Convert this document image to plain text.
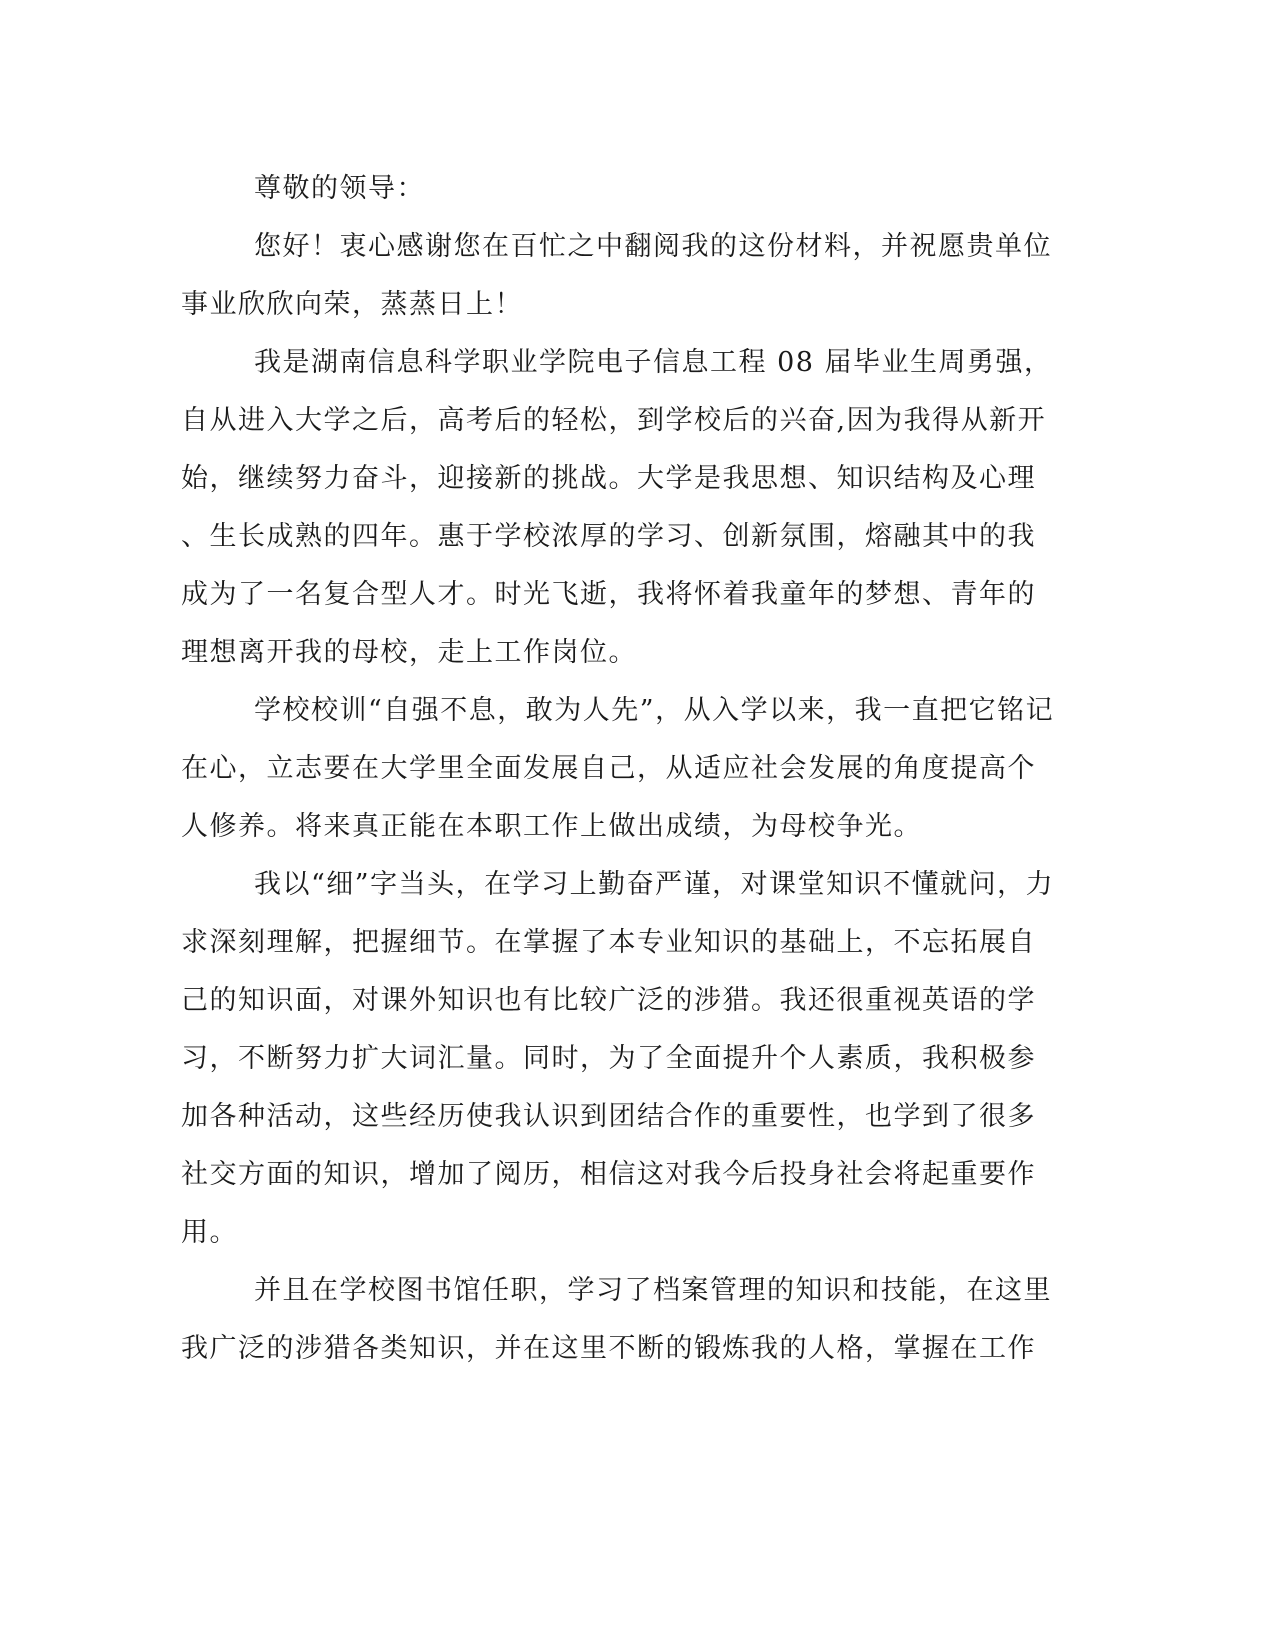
尊敬的领导：
您好！衷心感谢您在百忙之中翻阅我的这份材料，并祝愿贵单位
事业欣欣向荣，蒸蒸日上！
我是湖南信息科学职业学院电子信息工程 08 届毕业生周勇强，
自从进入大学之后，高考后的轻松，到学校后的兴奋,因为我得从新开
始，继续努力奋斗，迎接新的挑战。大学是我思想、知识结构及心理
、生长成熟的四年。惠于学校浓厚的学习、创新氛围，熔融其中的我
成为了一名复合型人才。时光飞逝，我将怀着我童年的梦想、青年的
理想离开我的母校，走上工作岗位。
学校校训“自强不息，敢为人先”，从入学以来，我一直把它铭记
在心，立志要在大学里全面发展自己，从适应社会发展的角度提高个
人修养。将来真正能在本职工作上做出成绩，为母校争光。
我以“细”字当头，在学习上勤奋严谨，对课堂知识不懂就问，力
求深刻理解，把握细节。在掌握了本专业知识的基础上，不忘拓展自
己的知识面，对课外知识也有比较广泛的涉猎。我还很重视英语的学
习，不断努力扩大词汇量。同时，为了全面提升个人素质，我积极参
加各种活动，这些经历使我认识到团结合作的重要性，也学到了很多
社交方面的知识，增加了阅历，相信这对我今后投身社会将起重要作
用。
并且在学校图书馆任职，学习了档案管理的知识和技能，在这里
我广泛的涉猎各类知识，并在这里不断的锻炼我的人格，掌握在工作
